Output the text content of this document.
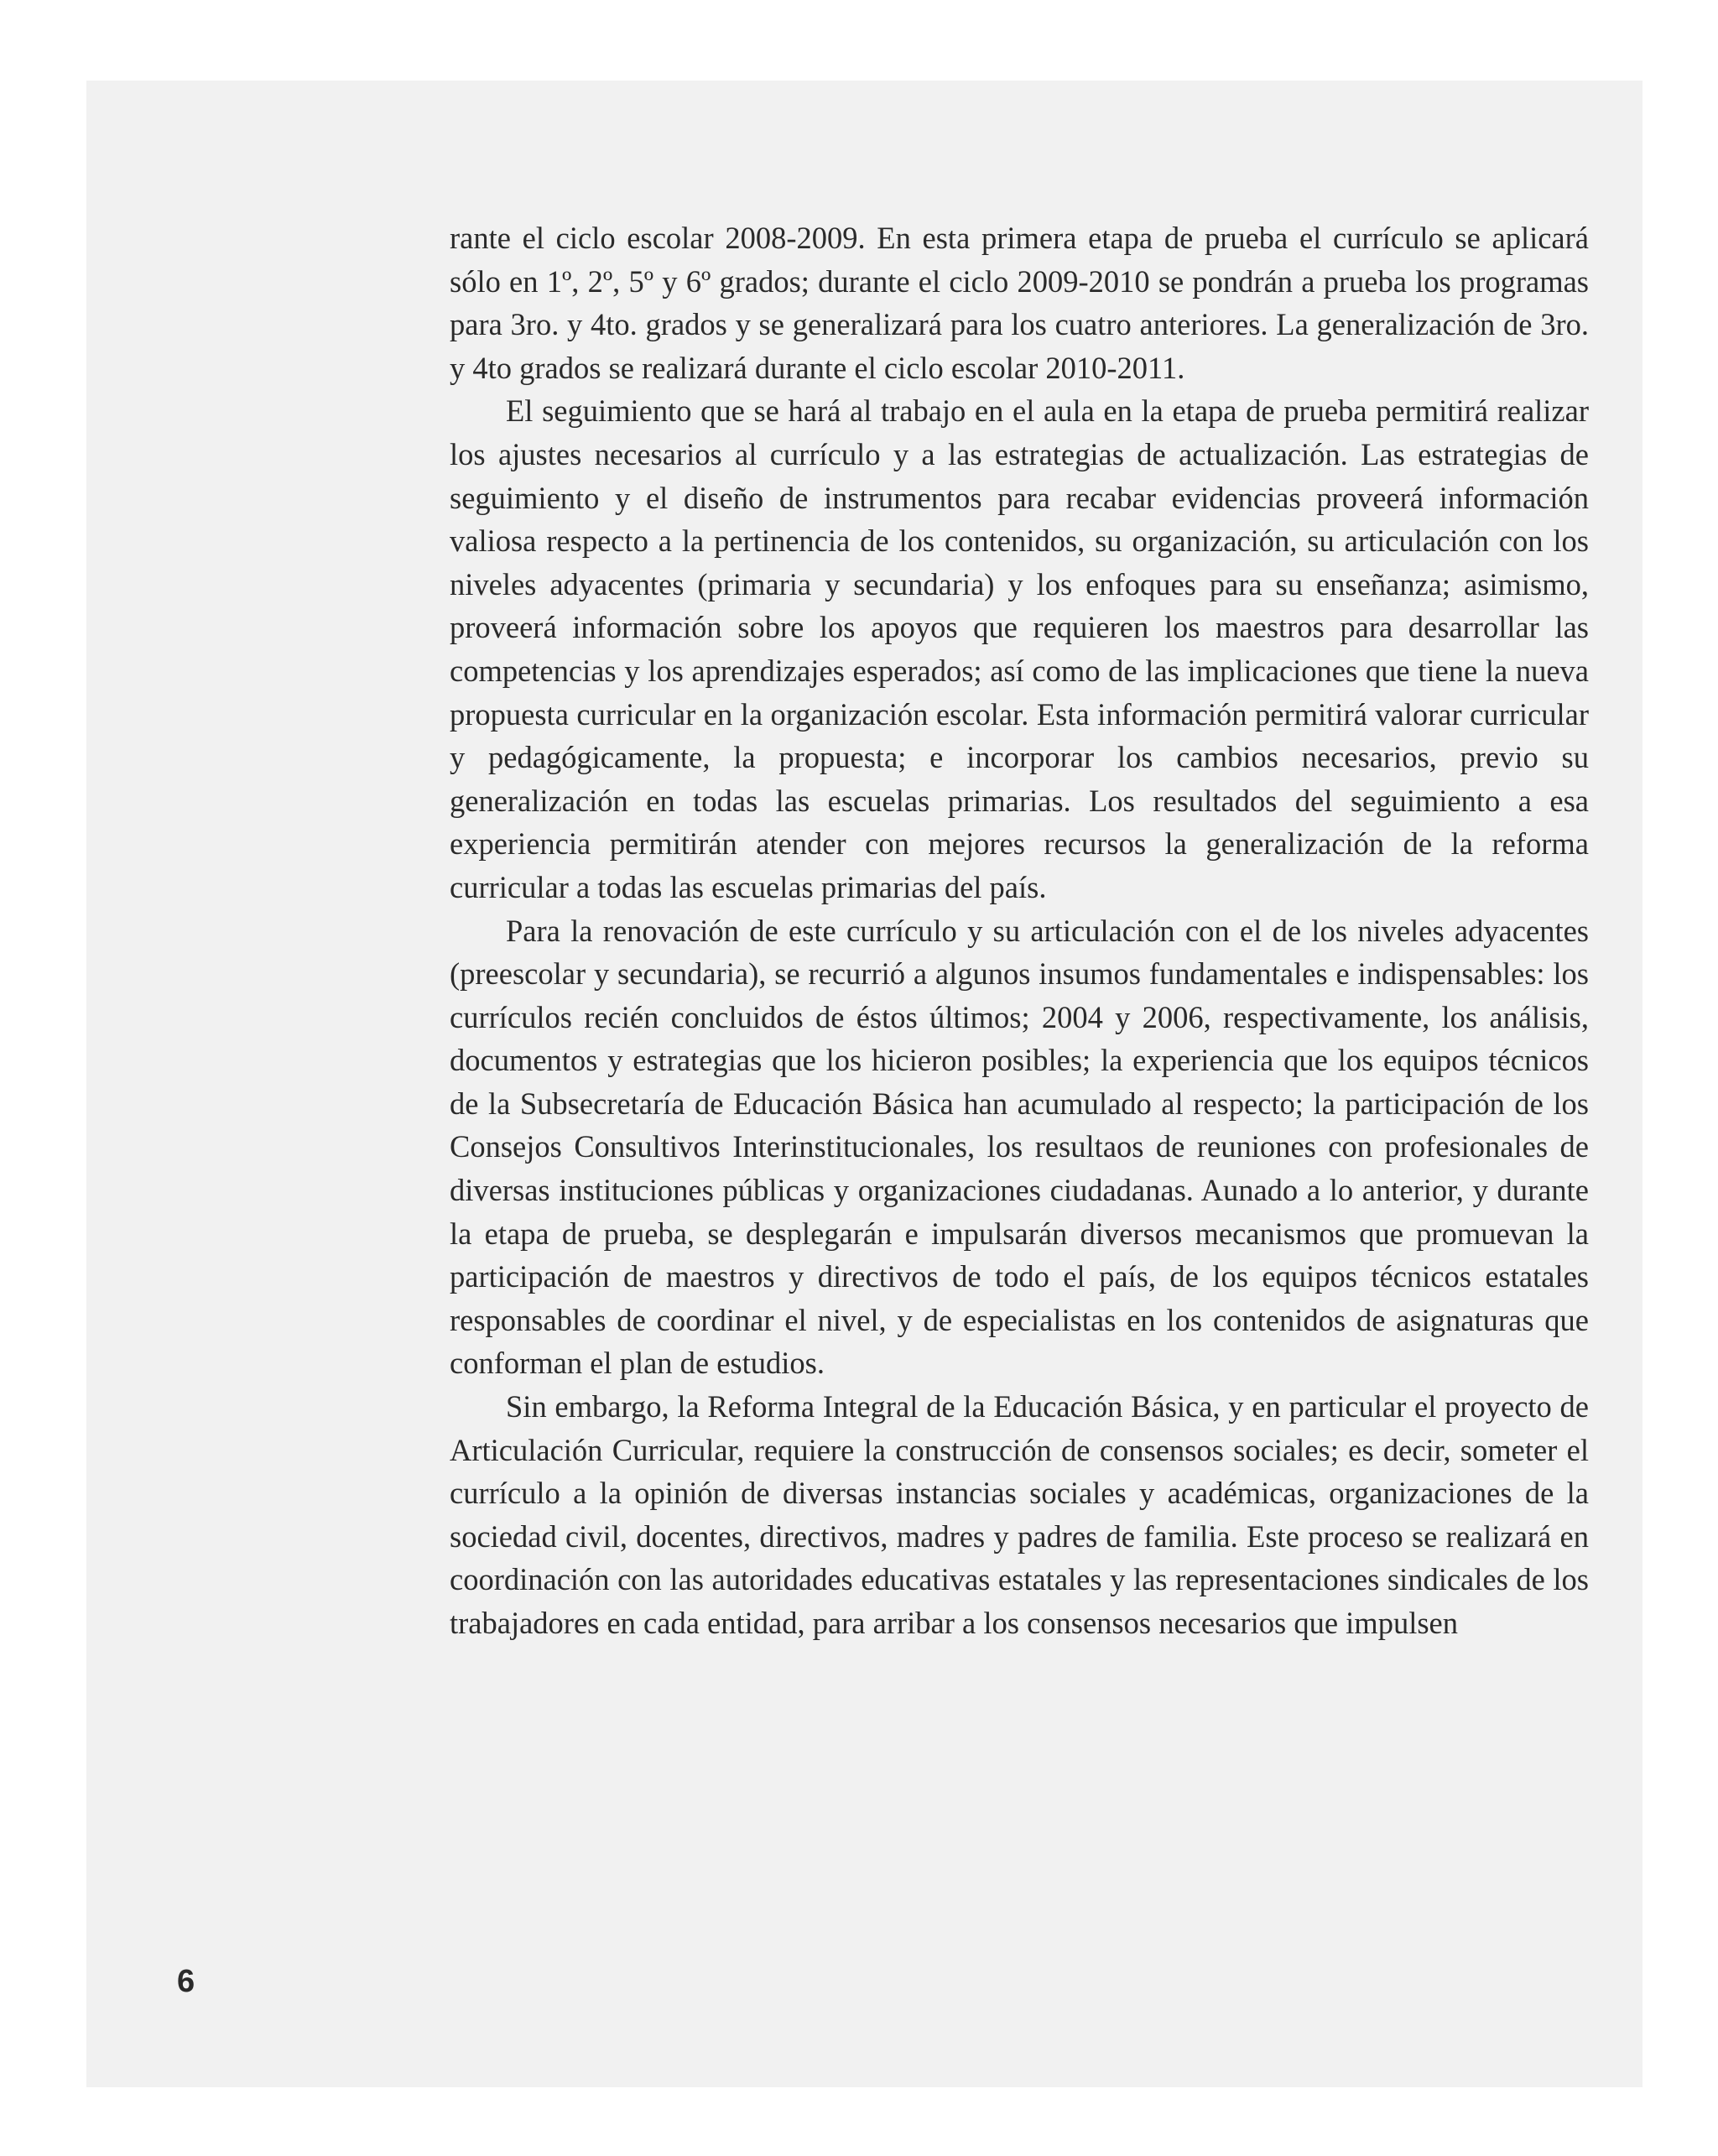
rante el ciclo escolar 2008-2009. En esta primera etapa de prueba el currículo se aplicará sólo en 1º, 2º, 5º y 6º grados; durante el ciclo 2009-2010 se pondrán a prueba los programas para 3ro. y 4to. grados y se generalizará para los cuatro anteriores. La generalización de 3ro. y 4to grados se realizará durante el ciclo escolar 2010-2011.

El seguimiento que se hará al trabajo en el aula en la etapa de prueba permitirá realizar los ajustes necesarios al currículo y a las estrategias de actualización. Las estrategias de seguimiento y el diseño de instrumentos para recabar evidencias proveerá información valiosa respecto a la pertinencia de los contenidos, su organización, su articulación con los niveles adyacentes (primaria y secundaria) y los enfoques para su enseñanza; asimismo, proveerá información sobre los apoyos que requieren los maestros para desarrollar las competencias y los aprendizajes esperados; así como de las implicaciones que tiene la nueva propuesta curricular en la organización escolar. Esta información permitirá valorar curricular y pedagógicamente, la propuesta; e incorporar los cambios necesarios, previo su generalización en todas las escuelas primarias. Los resultados del seguimiento a esa experiencia permitirán atender con mejores recursos la generalización de la reforma curricular a todas las escuelas primarias del país.

Para la renovación de este currículo y su articulación con el de los niveles adyacentes (preescolar y secundaria), se recurrió a algunos insumos fundamentales e indispensables: los currículos recién concluidos de éstos últimos; 2004 y 2006, respectivamente, los análisis, documentos y estrategias que los hicieron posibles; la experiencia que los equipos técnicos de la Subsecretaría de Educación Básica han acumulado al respecto; la participación de los Consejos Consultivos Interinstitucionales, los resultaos de reuniones con profesionales de diversas instituciones públicas y organizaciones ciudadanas. Aunado a lo anterior, y durante la etapa de prueba, se desplegarán e impulsarán diversos mecanismos que promuevan la participación de maestros y directivos de todo el país, de los equipos técnicos estatales responsables de coordinar el nivel, y de especialistas en los contenidos de asignaturas que conforman el plan de estudios.

Sin embargo, la Reforma Integral de la Educación Básica, y en particular el proyecto de Articulación Curricular, requiere la construcción de consensos sociales; es decir, someter el currículo a la opinión de diversas instancias sociales y académicas, organizaciones de la sociedad civil, docentes, directivos, madres y padres de familia. Este proceso se realizará en coordinación con las autoridades educativas estatales y las representaciones sindicales de los trabajadores en cada entidad, para arribar a los consensos necesarios que impulsen

6
